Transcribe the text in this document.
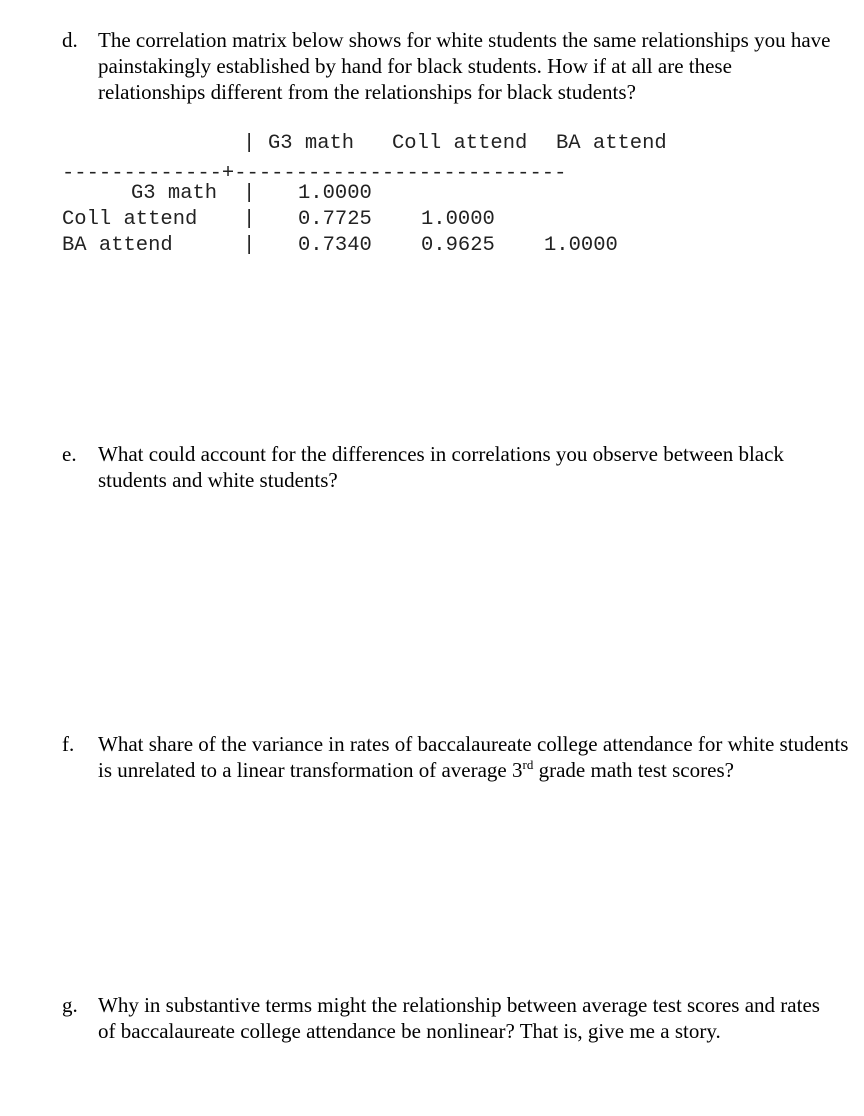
d. The correlation matrix below shows for white students the same relationships you have painstakingly established by hand for black students. How if at all are these relationships different from the relationships for black students?

|

G3 math

Coll attend

BA attend

-------------+---------------------------

G3 math

|

1.0000

Coll attend

|

0.7725

1.0000

BA attend

	|

0.7340

0.9625

1.0000

e. What could account for the differences in correlations you observe between black students and white students?
f. What share of the variance in rates of baccalaureate college attendance for white students is unrelated to a linear transformation of average 3rd grade math test scores?
g. Why in substantive terms might the relationship between average test scores and rates of baccalaureate college attendance be nonlinear? That is, give me a story.
